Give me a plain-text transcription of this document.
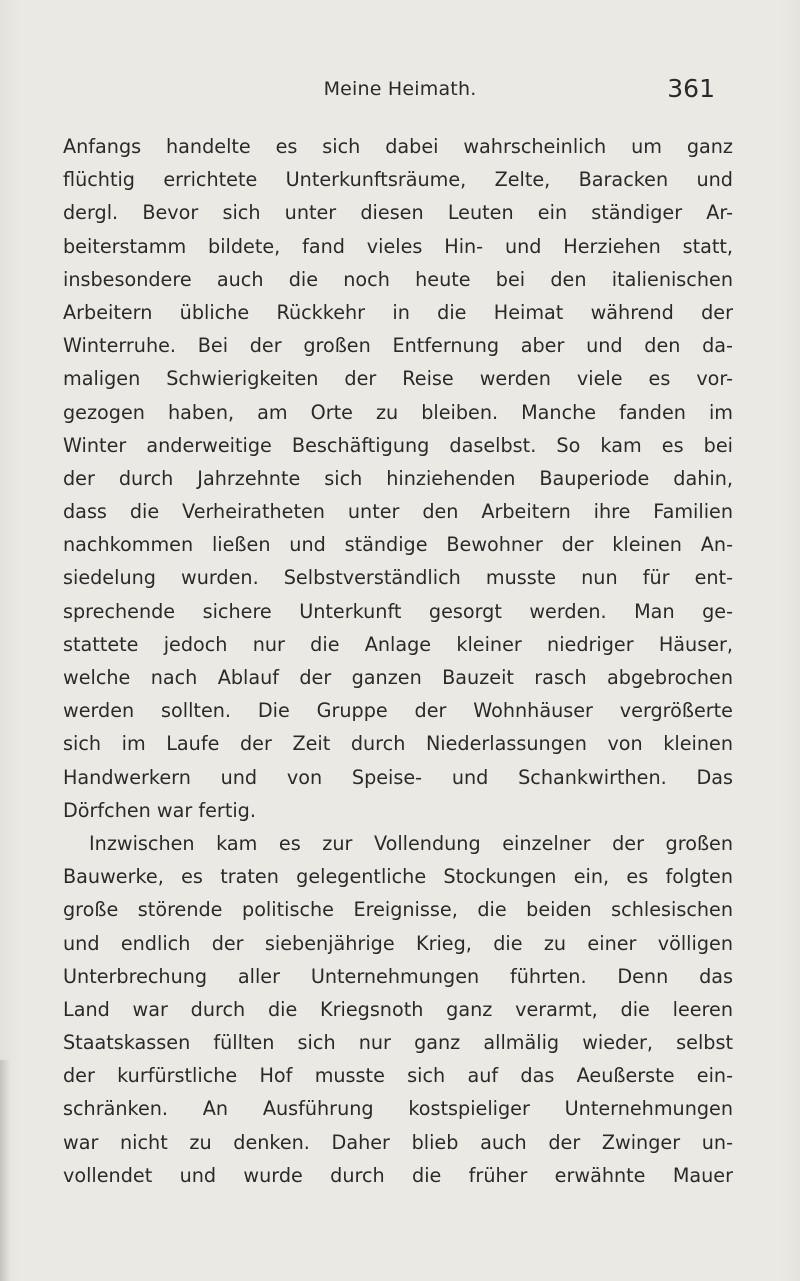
Meine Heimath.	361
Anfangs handelte es sich dabei wahrscheinlich um ganz
flüchtig errichtete Unterkunftsräume, Zelte, Baracken und
dergl. Bevor sich unter diesen Leuten ein ständiger Ar-
beiterstamm bildete, fand vieles Hin- und Herziehen statt,
insbesondere auch die noch heute bei den italienischen
Arbeitern übliche Rückkehr in die Heimat während der
Winterruhe. Bei der großen Entfernung aber und den da-
maligen Schwierigkeiten der Reise werden viele es vor-
gezogen haben, am Orte zu bleiben. Manche fanden im
Winter anderweitige Beschäftigung daselbst. So kam es bei
der durch Jahrzehnte sich hinziehenden Bauperiode dahin,
dass die Verheiratheten unter den Arbeitern ihre Familien
nachkommen ließen und ständige Bewohner der kleinen An-
siedelung wurden. Selbstverständlich musste nun für ent-
sprechende sichere Unterkunft gesorgt werden. Man ge-
stattete jedoch nur die Anlage kleiner niedriger Häuser,
welche nach Ablauf der ganzen Bauzeit rasch abgebrochen
werden sollten. Die Gruppe der Wohnhäuser vergrößerte
sich im Laufe der Zeit durch Niederlassungen von kleinen
Handwerkern und von Speise- und Schankwirthen. Das
Dörfchen war fertig.
Inzwischen kam es zur Vollendung einzelner der großen
Bauwerke, es traten gelegentliche Stockungen ein, es folgten
große störende politische Ereignisse, die beiden schlesischen
und endlich der siebenjährige Krieg, die zu einer völligen
Unterbrechung aller Unternehmungen führten. Denn das
Land war durch die Kriegsnoth ganz verarmt, die leeren
Staatskassen füllten sich nur ganz allmälig wieder, selbst
der kurfürstliche Hof musste sich auf das Aeußerste ein-
schränken. An Ausführung kostspieliger Unternehmungen
war nicht zu denken. Daher blieb auch der Zwinger un-
vollendet und wurde durch die früher erwähnte Mauer
